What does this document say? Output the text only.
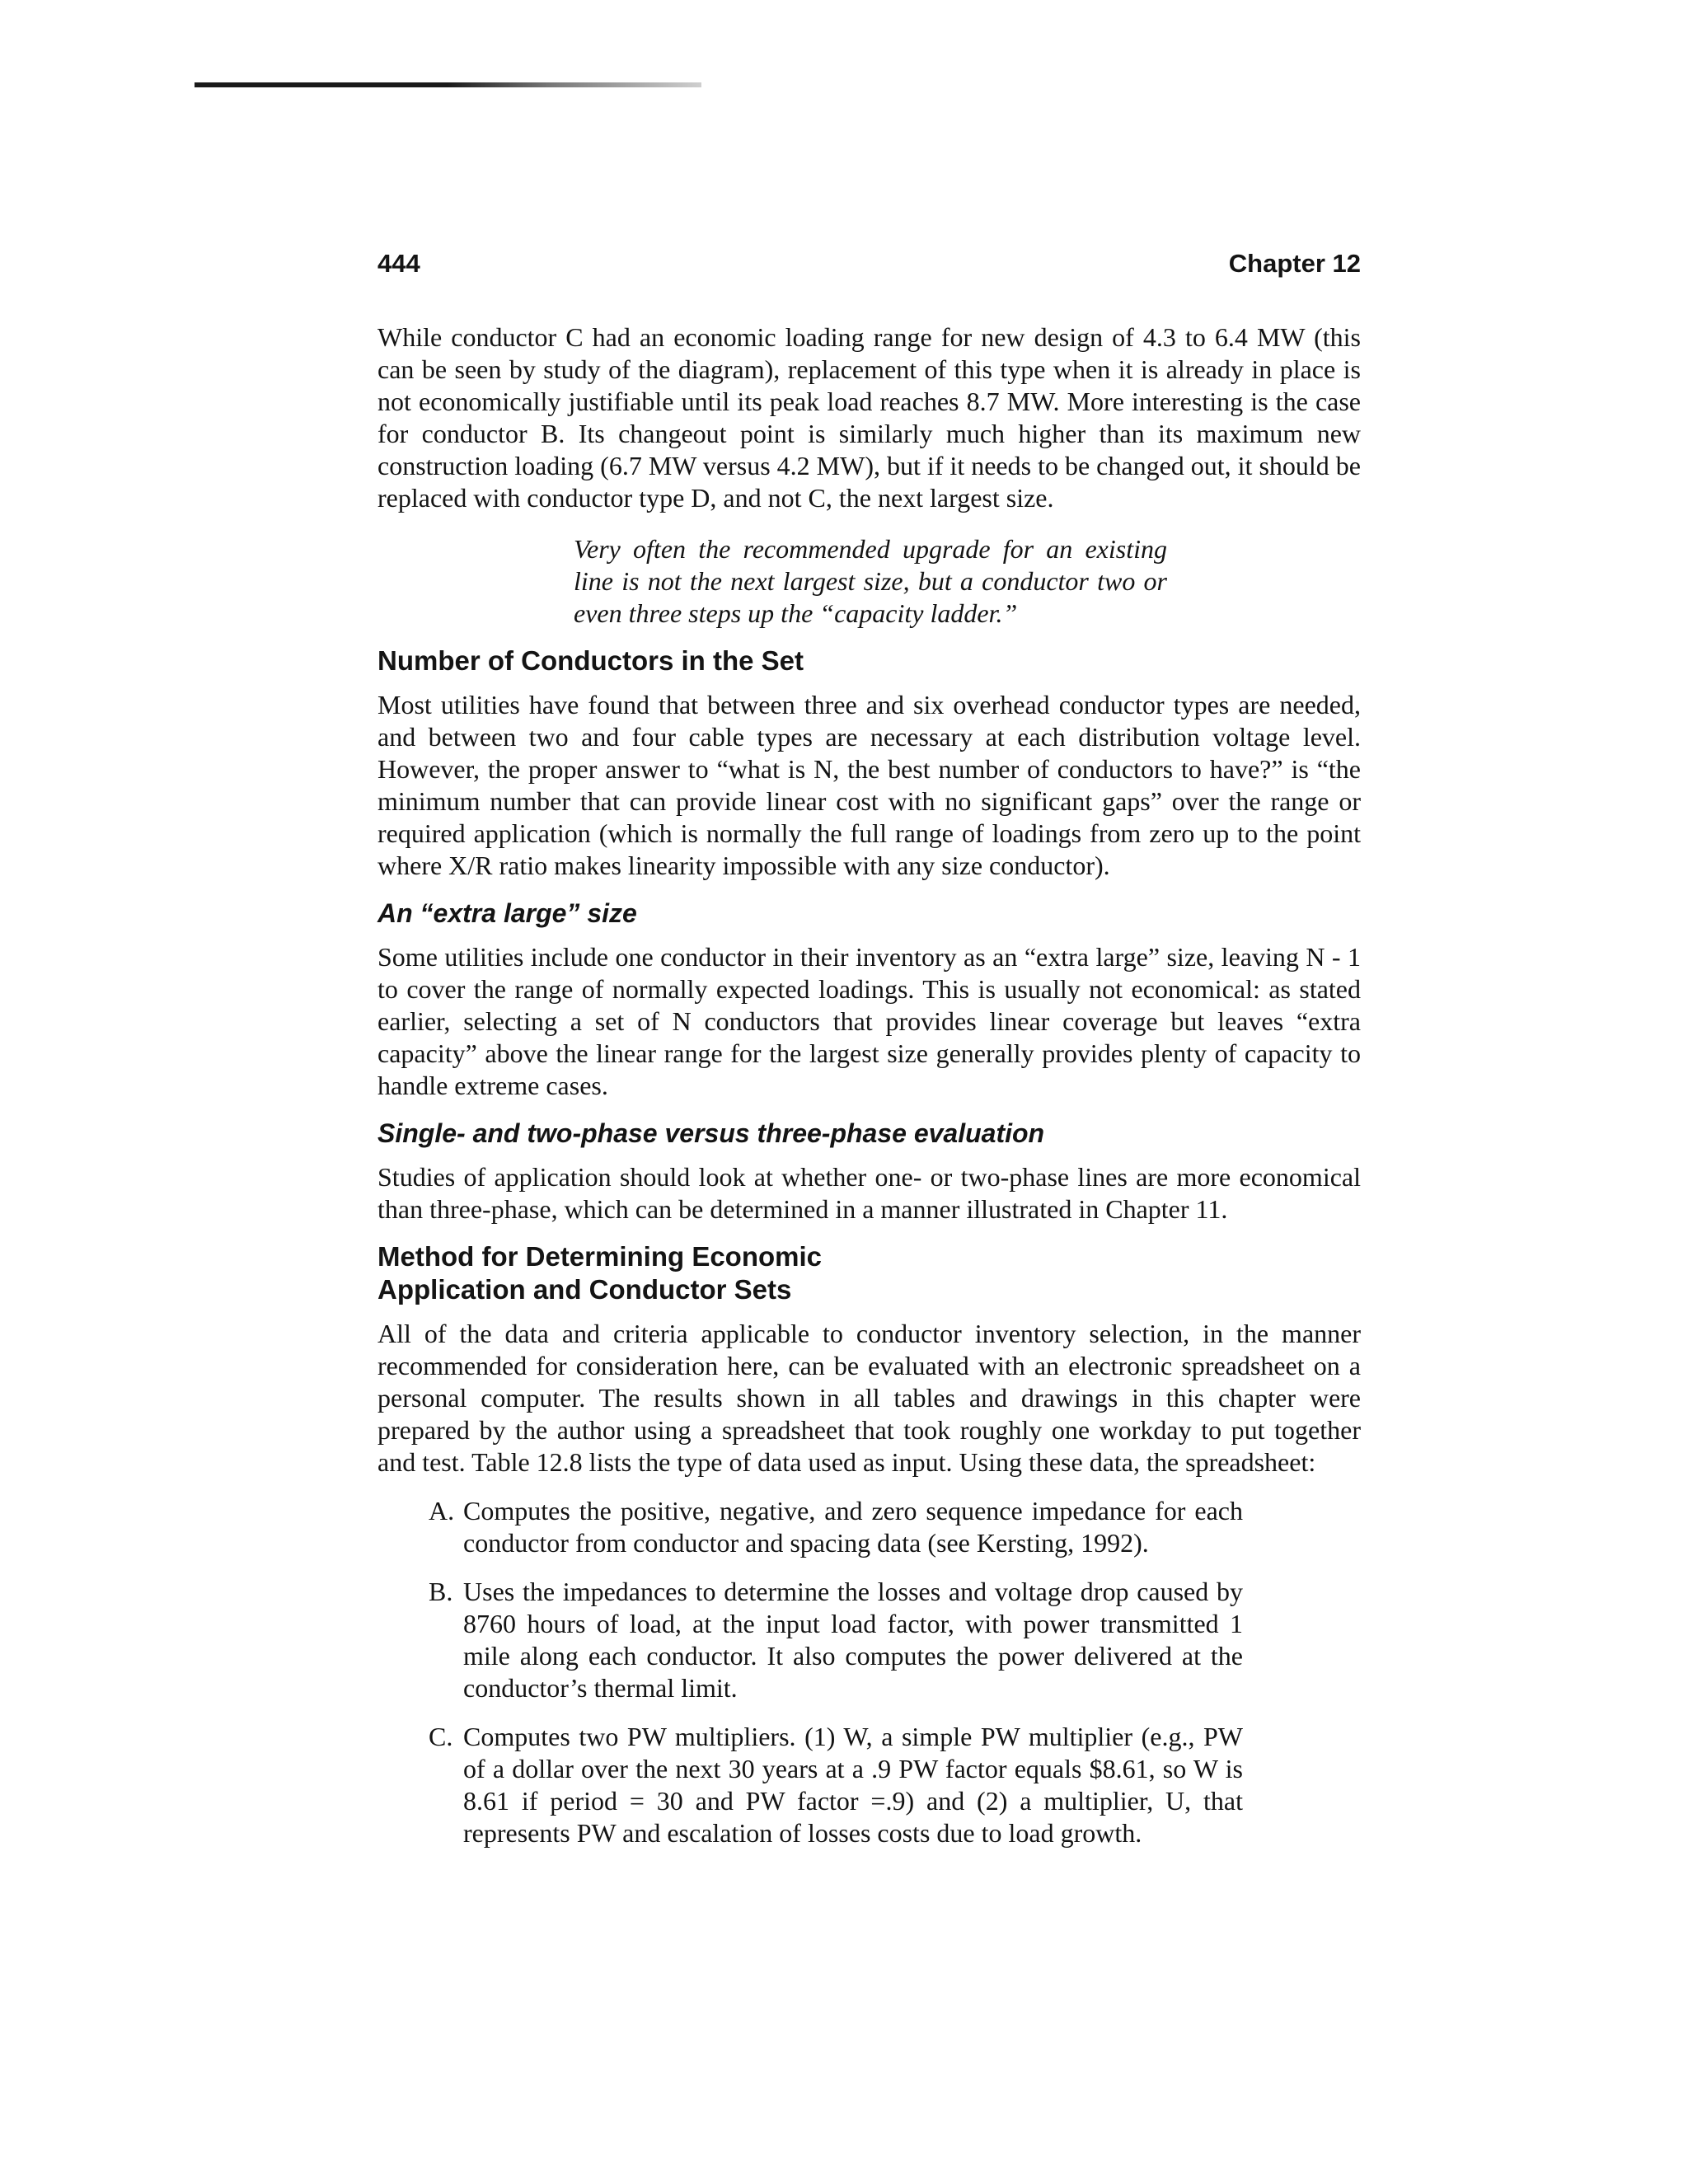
444	Chapter 12

While conductor C had an economic loading range for new design of 4.3 to 6.4 MW (this can be seen by study of the diagram), replacement of this type when it is already in place is not economically justifiable until its peak load reaches 8.7 MW. More interesting is the case for conductor B. Its changeout point is similarly much higher than its maximum new construction loading (6.7 MW versus 4.2 MW), but if it needs to be changed out, it should be replaced with conductor type D, and not C, the next largest size.

Very often the recommended upgrade for an existing line is not the next largest size, but a conductor two or even three steps up the “capacity ladder.”
Number of Conductors in the Set

Most utilities have found that between three and six overhead conductor types are needed, and between two and four cable types are necessary at each distribution voltage level. However, the proper answer to “what is N, the best number of conductors to have?” is “the minimum number that can provide linear cost with no significant gaps” over the range or required application (which is normally the full range of loadings from zero up to the point where X/R ratio makes linearity impossible with any size conductor).

An “extra large” size

Some utilities include one conductor in their inventory as an “extra large” size, leaving N - 1 to cover the range of normally expected loadings. This is usually not economical: as stated earlier, selecting a set of N conductors that provides linear coverage but leaves “extra capacity” above the linear range for the largest size generally provides plenty of capacity to handle extreme cases.

Single- and two-phase versus three-phase evaluation

Studies of application should look at whether one- or two-phase lines are more economical than three-phase, which can be determined in a manner illustrated in Chapter 11.

Method for Determining Economic
Application and Conductor Sets

All of the data and criteria applicable to conductor inventory selection, in the manner recommended for consideration here, can be evaluated with an electronic spreadsheet on a personal computer. The results shown in all tables and drawings in this chapter were prepared by the author using a spreadsheet that took roughly one workday to put together and test. Table 12.8 lists the type of data used as input. Using these data, the spreadsheet:

A. Computes the positive, negative, and zero sequence impedance for each conductor from conductor and spacing data (see Kersting, 1992).
B. Uses the impedances to determine the losses and voltage drop caused by 8760 hours of load, at the input load factor, with power transmitted 1 mile along each conductor. It also computes the power delivered at the conductor’s thermal limit.
C. Computes two PW multipliers. (1) W, a simple PW multiplier (e.g., PW of a dollar over the next 30 years at a .9 PW factor equals $8.61, so W is 8.61 if period = 30 and PW factor =.9) and (2) a multiplier, U, that represents PW and escalation of losses costs due to load growth.
